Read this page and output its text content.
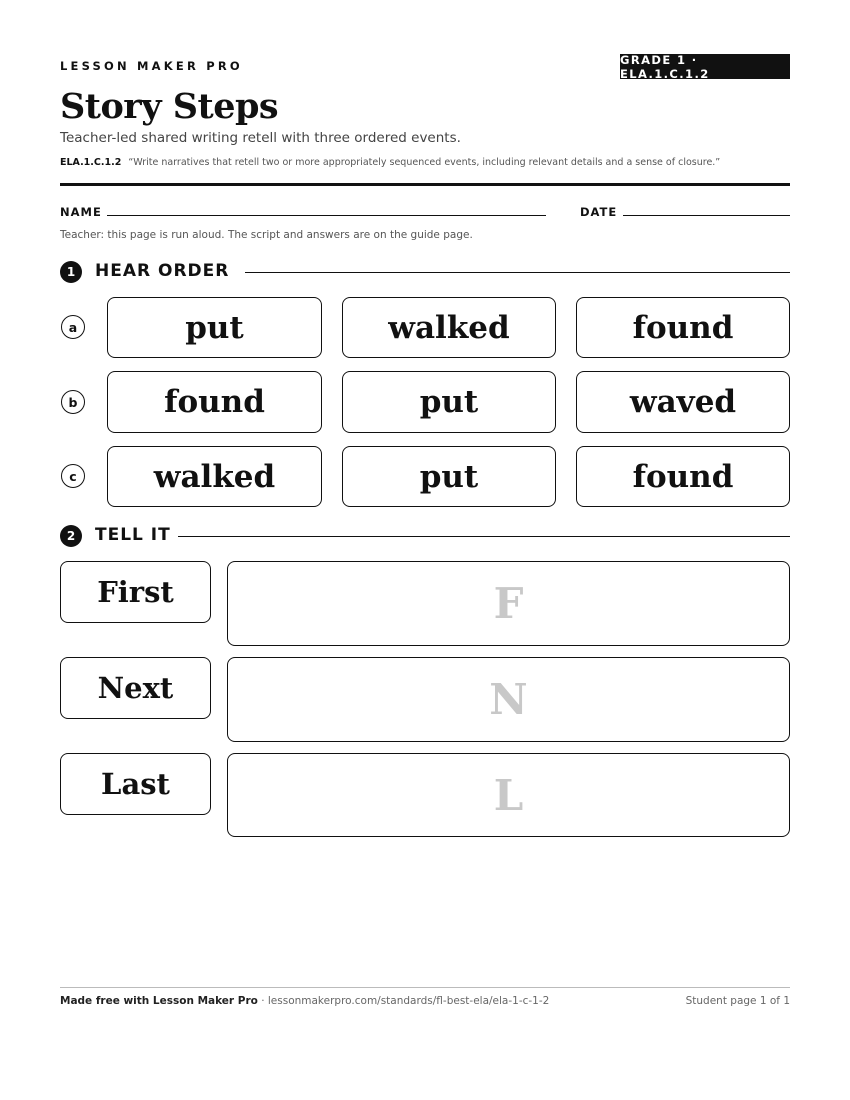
LESSON MAKER PRO	GRADE 1 · ELA.1.C.1.2
Story Steps
Teacher-led shared writing retell with three ordered events.
ELA.1.C.1.2 “Write narratives that retell two or more appropriately sequenced events, including relevant details and a sense of closure.”
NAME	DATE
Teacher: this page is run aloud. The script and answers are on the guide page.
1	HEAR ORDER
a	put	walked	found
b	found	put	waved
c	walked	put	found
2	TELL IT
First	F
Next	N
Last	L
Made free with Lesson Maker Pro · lessonmakerpro.com/standards/fl-best-ela/ela-1-c-1-2	Student page 1 of 1
